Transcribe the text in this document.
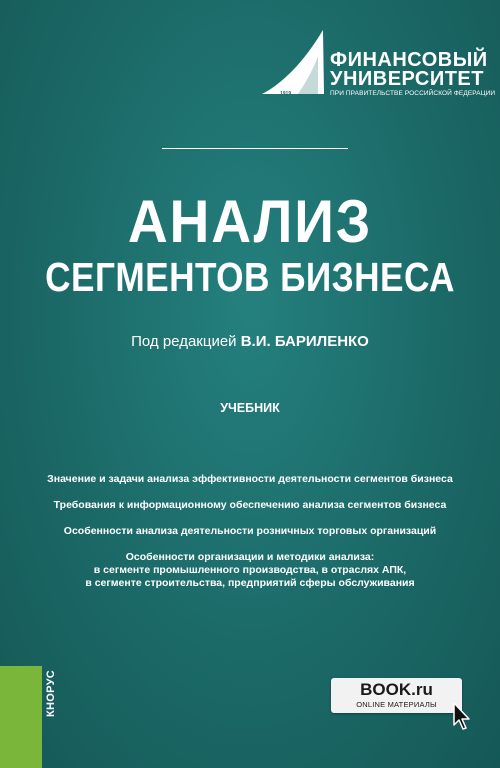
1919
ФИНАНСОВЫЙ
УНИВЕРСИТЕТ
ПРИ ПРАВИТЕЛЬСТВЕ РОССИЙСКОЙ ФЕДЕРАЦИИ
АНАЛИЗ
СЕГМЕНТОВ БИЗНЕСА
Под редакцией В.И. БАРИЛЕНКО
УЧЕБНИК
Значение и задачи анализа эффективности деятельности сегментов бизнеса
Требования к информационному обеспечению анализа сегментов бизнеса
Особенности анализа деятельности розничных торговых организаций
Особенности организации и методики анализа:
в сегменте промышленного производства, в отраслях АПК,
в сегменте строительства, предприятий сферы обслуживания
КНОРУС	BOOK.ru
ONLINE МАТЕРИАЛЫ
